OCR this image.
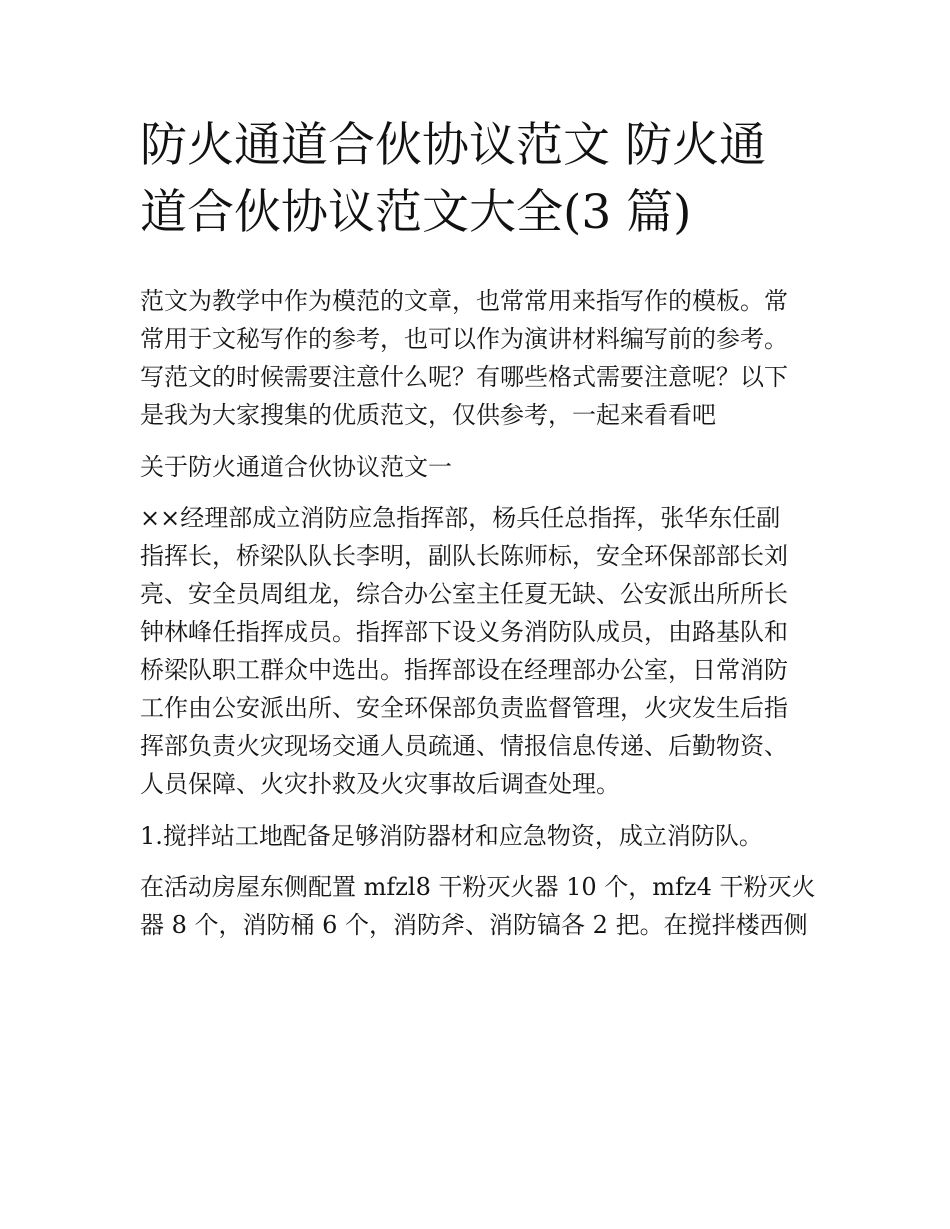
防火通道合伙协议范文 防火通
道合伙协议范文大全(3 篇)

范文为教学中作为模范的文章，也常常用来指写作的模板。常
常用于文秘写作的参考，也可以作为演讲材料编写前的参考。
写范文的时候需要注意什么呢？有哪些格式需要注意呢？以下
是我为大家搜集的优质范文，仅供参考，一起来看看吧

关于防火通道合伙协议范文一

××经理部成立消防应急指挥部，杨兵任总指挥，张华东任副
指挥长，桥梁队队长李明，副队长陈师标，安全环保部部长刘
亮、安全员周组龙，综合办公室主任夏无缺、公安派出所所长
钟林峰任指挥成员。指挥部下设义务消防队成员，由路基队和
桥梁队职工群众中选出。指挥部设在经理部办公室，日常消防
工作由公安派出所、安全环保部负责监督管理，火灾发生后指
挥部负责火灾现场交通人员疏通、情报信息传递、后勤物资、
人员保障、火灾扑救及火灾事故后调查处理。

1.搅拌站工地配备足够消防器材和应急物资，成立消防队。

在活动房屋东侧配置 mfzl8 干粉灭火器 10 个，mfz4 干粉灭火
器 8 个，消防桶 6 个，消防斧、消防镐各 2 把。在搅拌楼西侧
